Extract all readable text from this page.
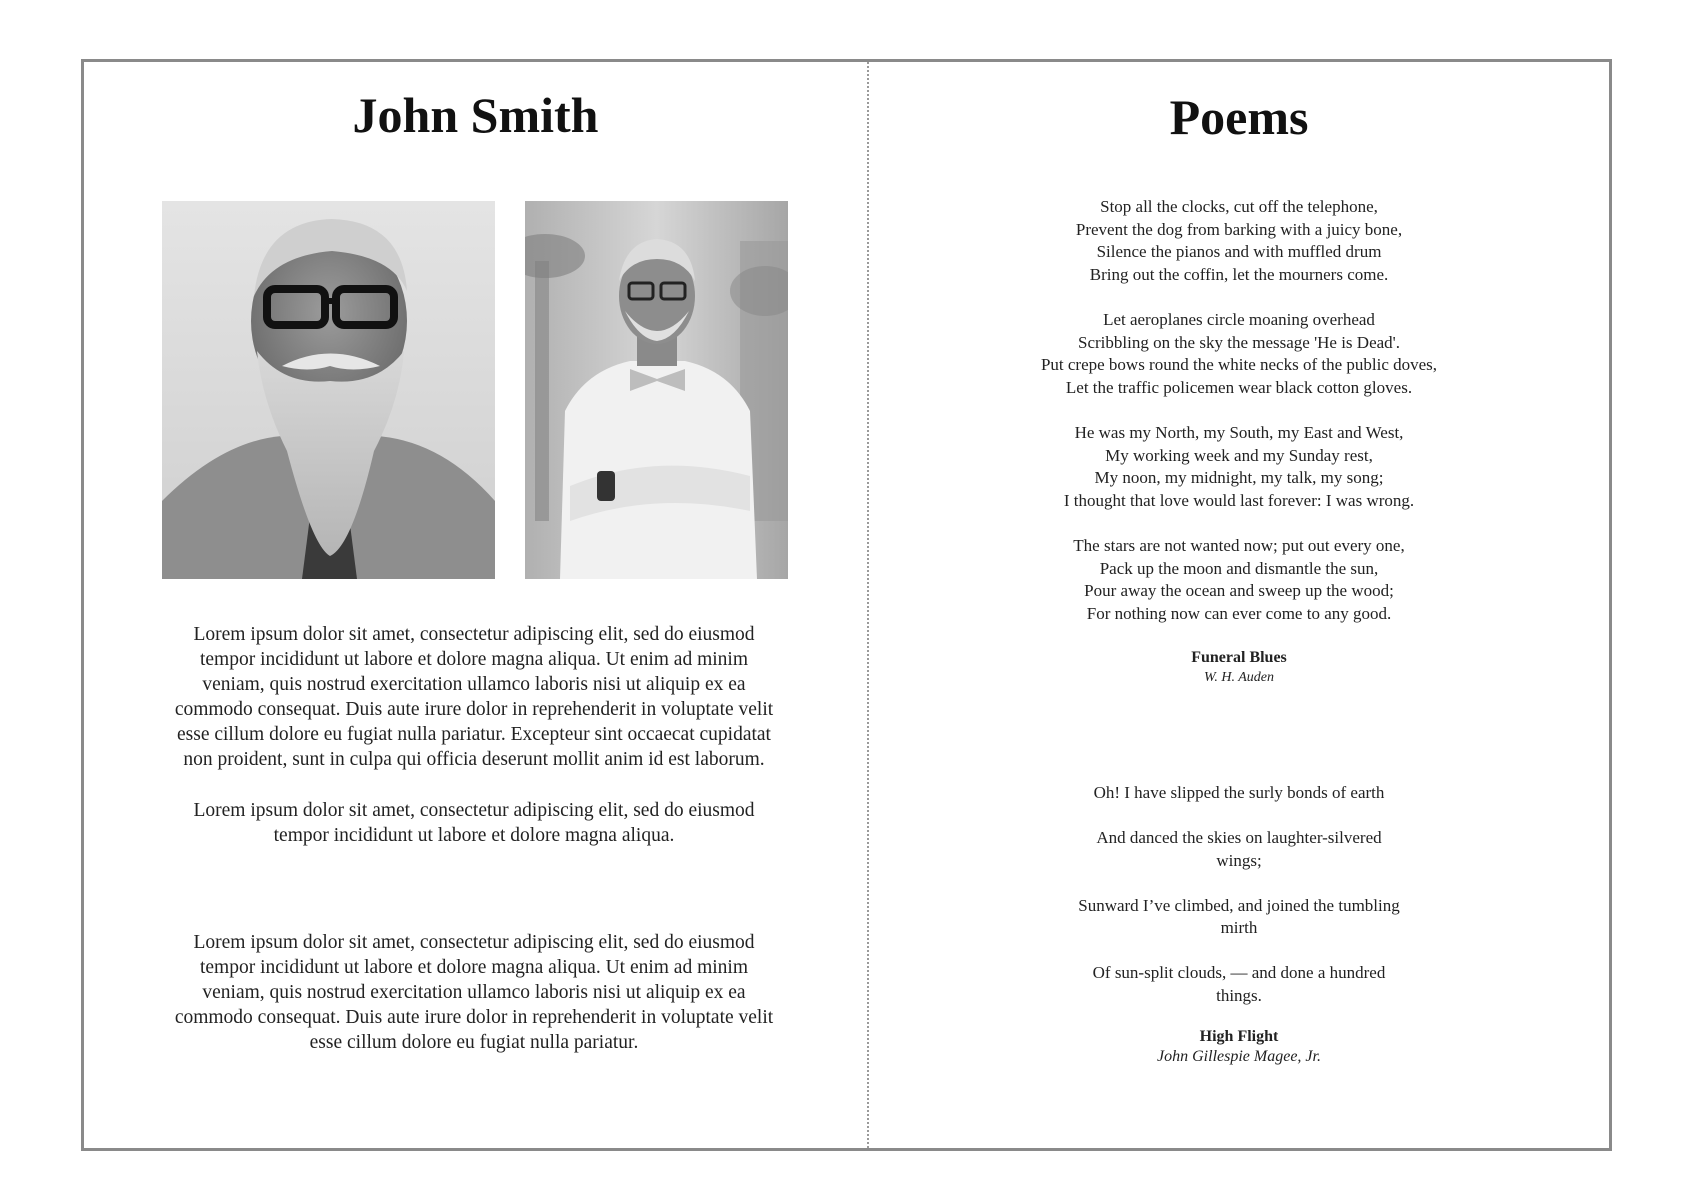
John Smith

Lorem ipsum dolor sit amet, consectetur adipiscing elit, sed do eiusmod tempor incididunt ut labore et dolore magna aliqua. Ut enim ad minim veniam, quis nostrud exercitation ullamco laboris nisi ut aliquip ex ea commodo consequat. Duis aute irure dolor in reprehenderit in voluptate velit esse cillum dolore eu fugiat nulla pariatur. Excepteur sint occaecat cupidatat non proident, sunt in culpa qui officia deserunt mollit anim id est laborum.

Lorem ipsum dolor sit amet, consectetur adipiscing elit, sed do eiusmod tempor incididunt ut labore et dolore magna aliqua.

Lorem ipsum dolor sit amet, consectetur adipiscing elit, sed do eiusmod tempor incididunt ut labore et dolore magna aliqua. Ut enim ad minim veniam, quis nostrud exercitation ullamco laboris nisi ut aliquip ex ea commodo consequat. Duis aute irure dolor in reprehenderit in voluptate velit esse cillum dolore eu fugiat nulla pariatur.

Poems

Stop all the clocks, cut off the telephone,
Prevent the dog from barking with a juicy bone,
Silence the pianos and with muffled drum
Bring out the coffin, let the mourners come.

Let aeroplanes circle moaning overhead
Scribbling on the sky the message 'He is Dead'.
Put crepe bows round the white necks of the public doves,
Let the traffic policemen wear black cotton gloves.

He was my North, my South, my East and West,
My working week and my Sunday rest,
My noon, my midnight, my talk, my song;
I thought that love would last forever: I was wrong.

The stars are not wanted now; put out every one,
Pack up the moon and dismantle the sun,
Pour away the ocean and sweep up the wood;
For nothing now can ever come to any good.

Funeral Blues
W. H. Auden

Oh! I have slipped the surly bonds of earth

And danced the skies on laughter-silvered
wings;

Sunward I’ve climbed, and joined the tumbling
mirth

Of sun-split clouds, — and done a hundred
things.

High Flight
John Gillespie Magee, Jr.
